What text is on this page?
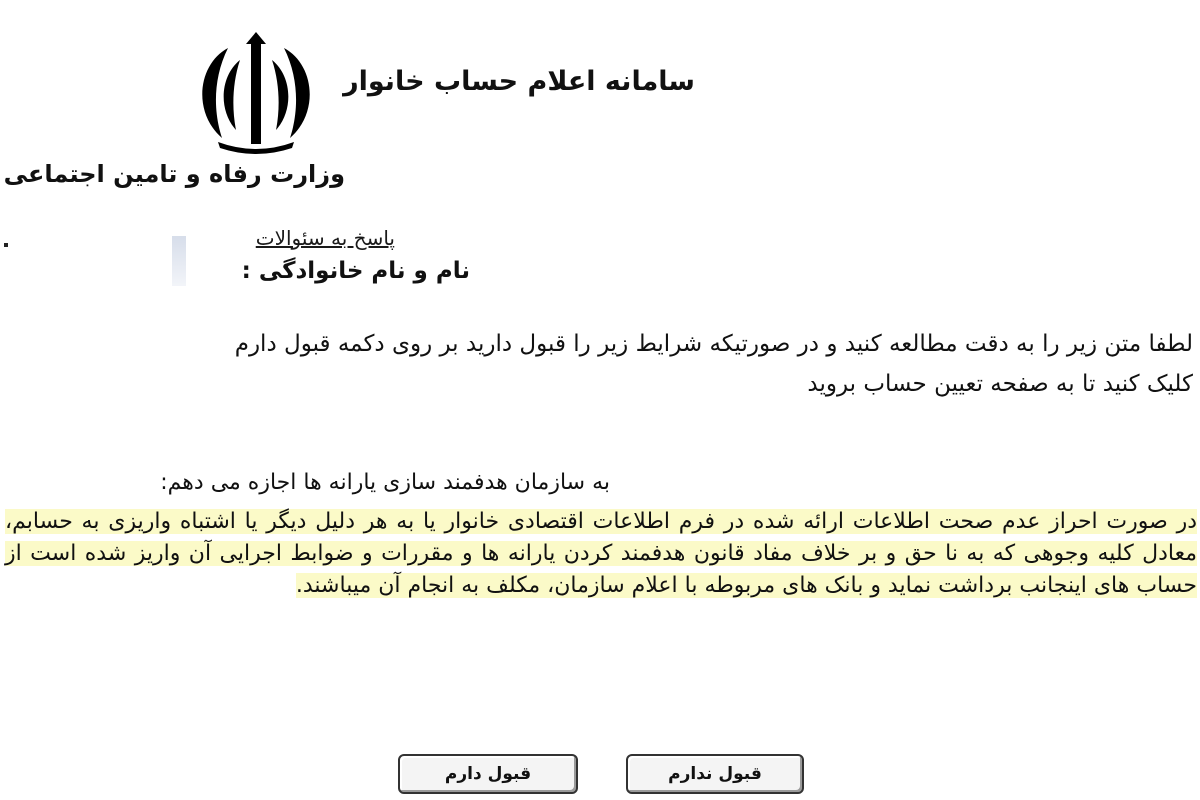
سامانه اعلام حساب خانوار
وزارت رفاه و تامین اجتماعی
پاسخ به سئوالات
نام و نام خانوادگی :

لطفا متن زیر را به دقت مطالعه کنید و در صورتیکه شرایط زیر را قبول دارید بر روی دکمه قبول دارم

کلیک کنید تا به صفحه تعیین حساب بروید

به سازمان هدفمند سازی یارانه ها اجازه می دهم:

در صورت احراز عدم صحت اطلاعات ارائه شده در فرم اطلاعات اقتصادی خانوار یا به هر دلیل دیگر یا اشتباه واریزی به حسابم، معادل کلیه وجوهی که به نا حق و بر خلاف مفاد قانون هدفمند کردن یارانه ها و مقررات و ضوابط اجرایی آن واریز شده است از حساب های اینجانب برداشت نماید و بانک های مربوطه با اعلام سازمان، مکلف به انجام آن میباشند.

قبول دارم	قبول ندارم
